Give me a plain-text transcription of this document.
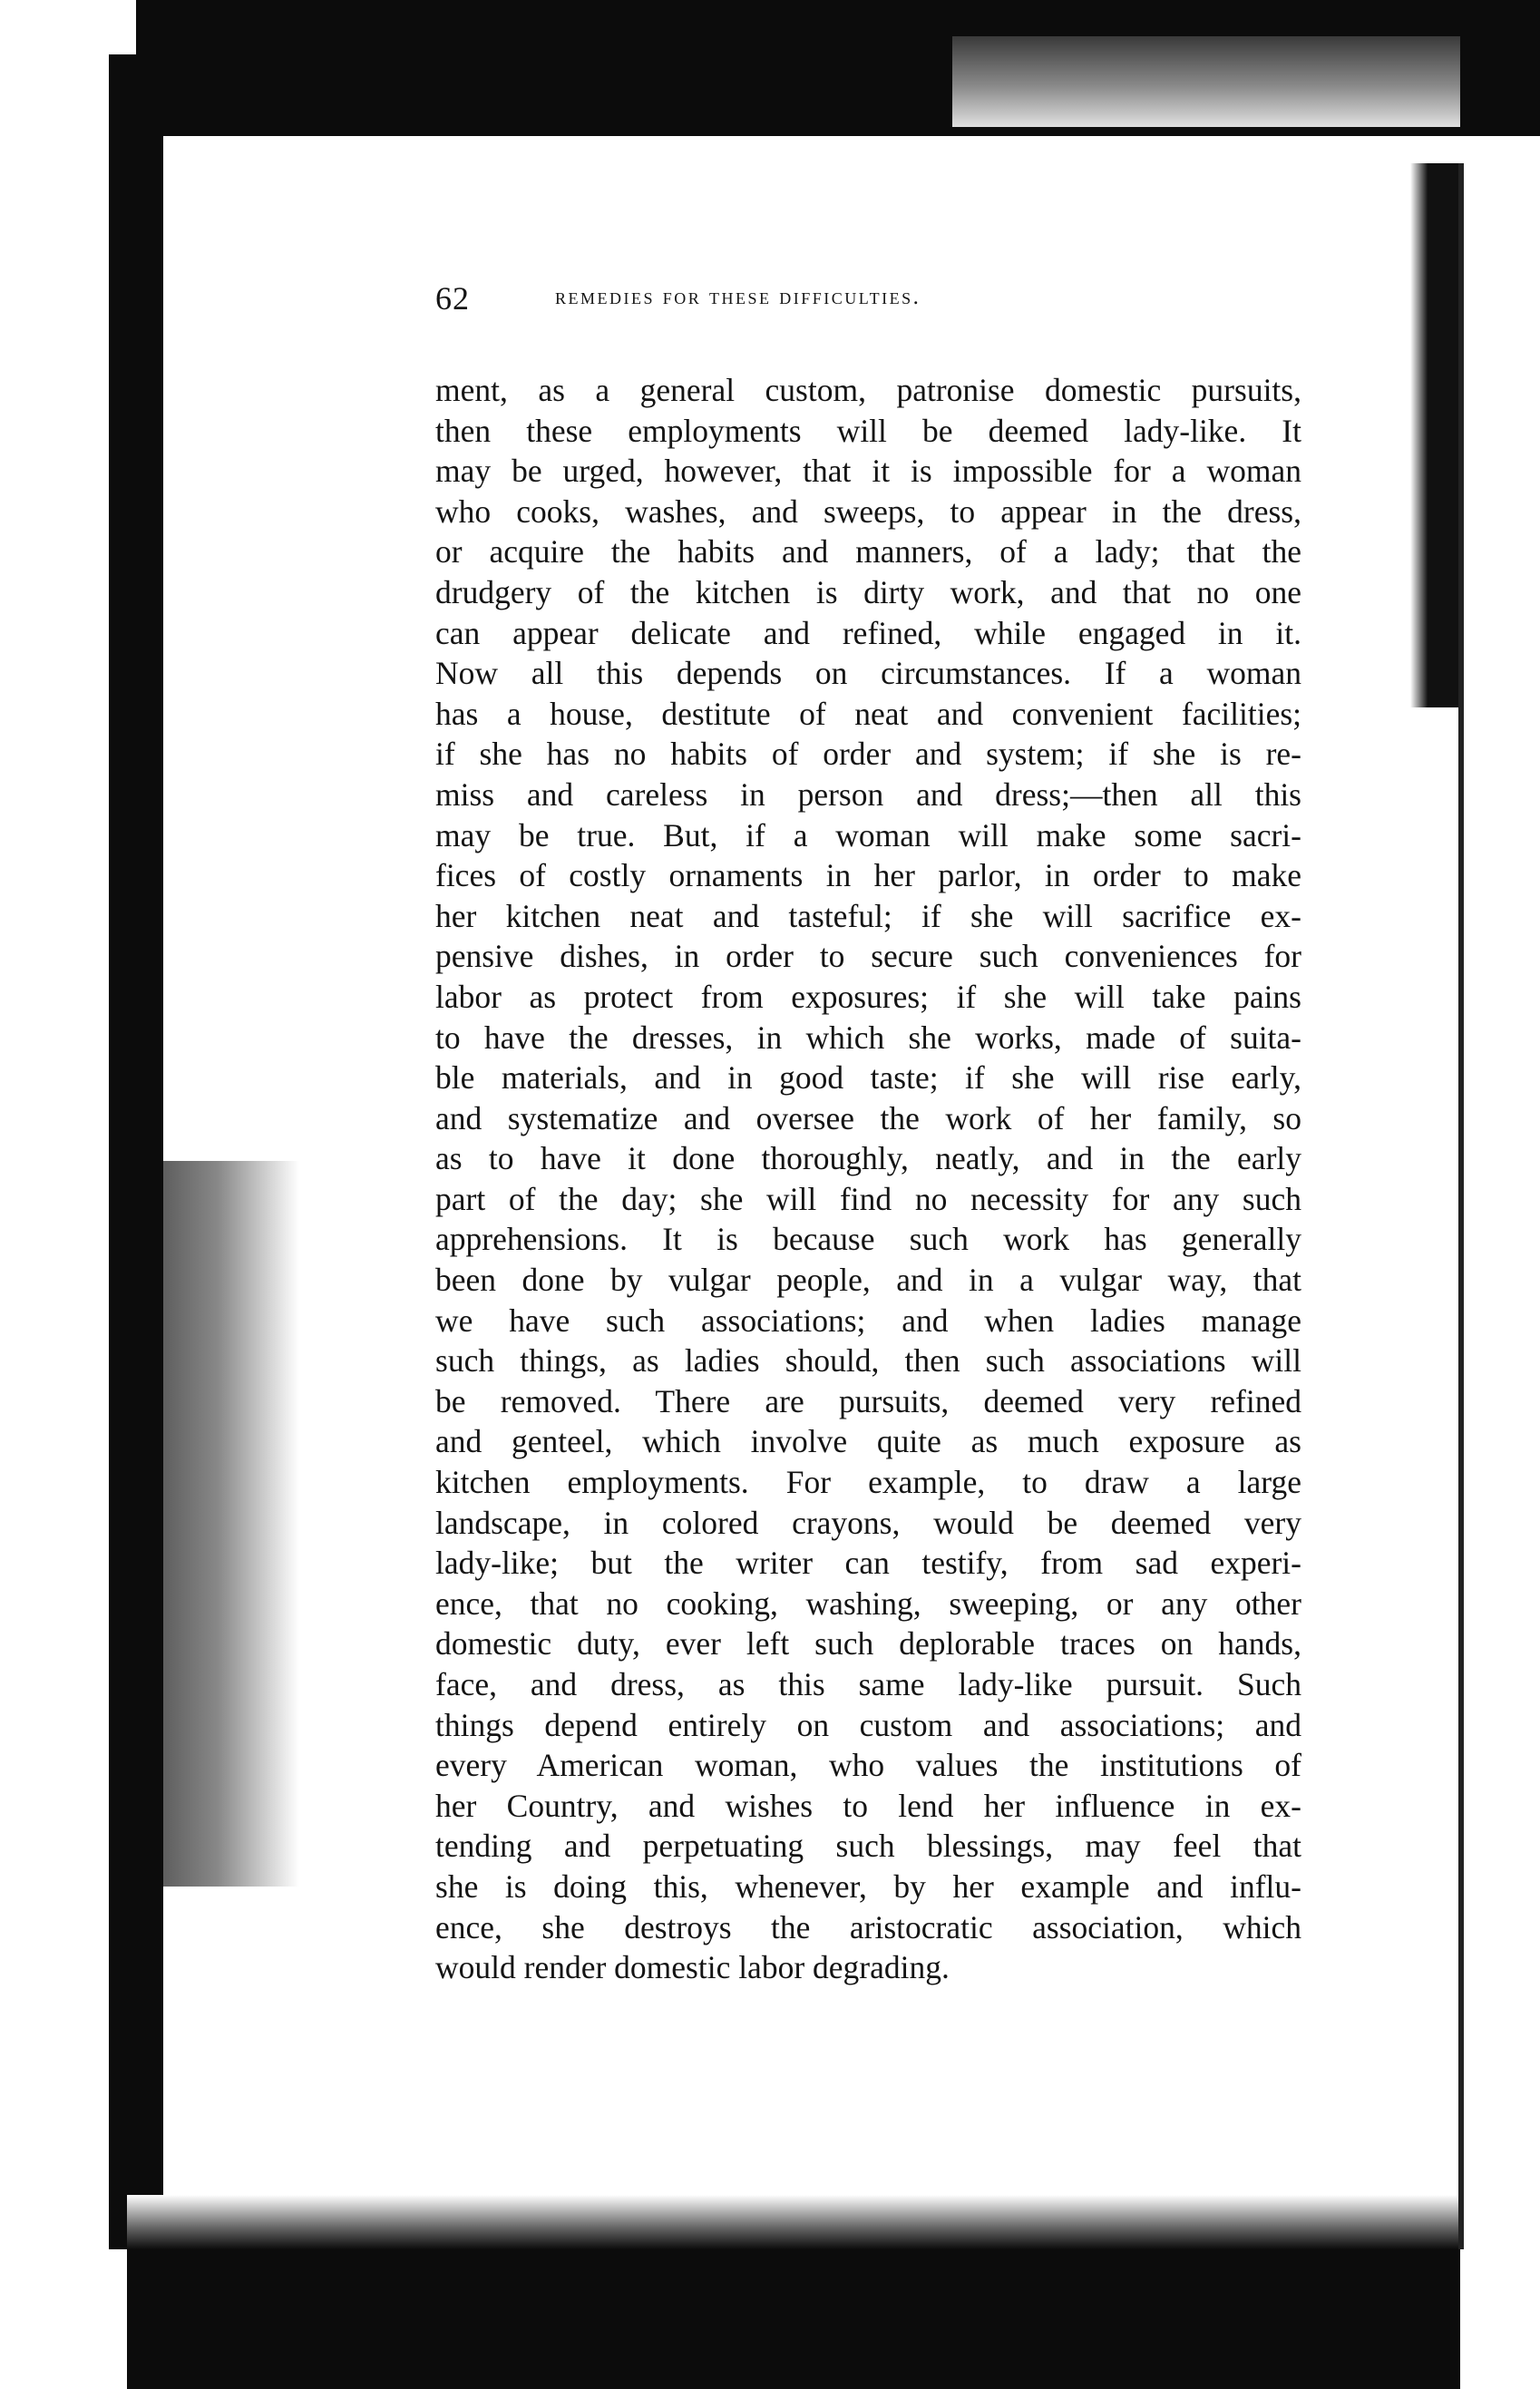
62	remedies for these difficulties.
ment, as a general custom, patronise domestic pursuits,
then these employments will be deemed lady-like. It
may be urged, however, that it is impossible for a woman
who cooks, washes, and sweeps, to appear in the dress,
or acquire the habits and manners, of a lady; that the
drudgery of the kitchen is dirty work, and that no one
can appear delicate and refined, while engaged in it.
Now all this depends on circumstances. If a woman
has a house, destitute of neat and convenient facilities;
if she has no habits of order and system; if she is re-
miss and careless in person and dress;—then all this
may be true. But, if a woman will make some sacri-
fices of costly ornaments in her parlor, in order to make
her kitchen neat and tasteful; if she will sacrifice ex-
pensive dishes, in order to secure such conveniences for
labor as protect from exposures; if she will take pains
to have the dresses, in which she works, made of suita-
ble materials, and in good taste; if she will rise early,
and systematize and oversee the work of her family, so
as to have it done thoroughly, neatly, and in the early
part of the day; she will find no necessity for any such
apprehensions. It is because such work has generally
been done by vulgar people, and in a vulgar way, that
we have such associations; and when ladies manage
such things, as ladies should, then such associations will
be removed. There are pursuits, deemed very refined
and genteel, which involve quite as much exposure as
kitchen employments. For example, to draw a large
landscape, in colored crayons, would be deemed very
lady-like; but the writer can testify, from sad experi-
ence, that no cooking, washing, sweeping, or any other
domestic duty, ever left such deplorable traces on hands,
face, and dress, as this same lady-like pursuit. Such
things depend entirely on custom and associations; and
every American woman, who values the institutions of
her Country, and wishes to lend her influence in ex-
tending and perpetuating such blessings, may feel that
she is doing this, whenever, by her example and influ-
ence, she destroys the aristocratic association, which
would render domestic labor degrading.
